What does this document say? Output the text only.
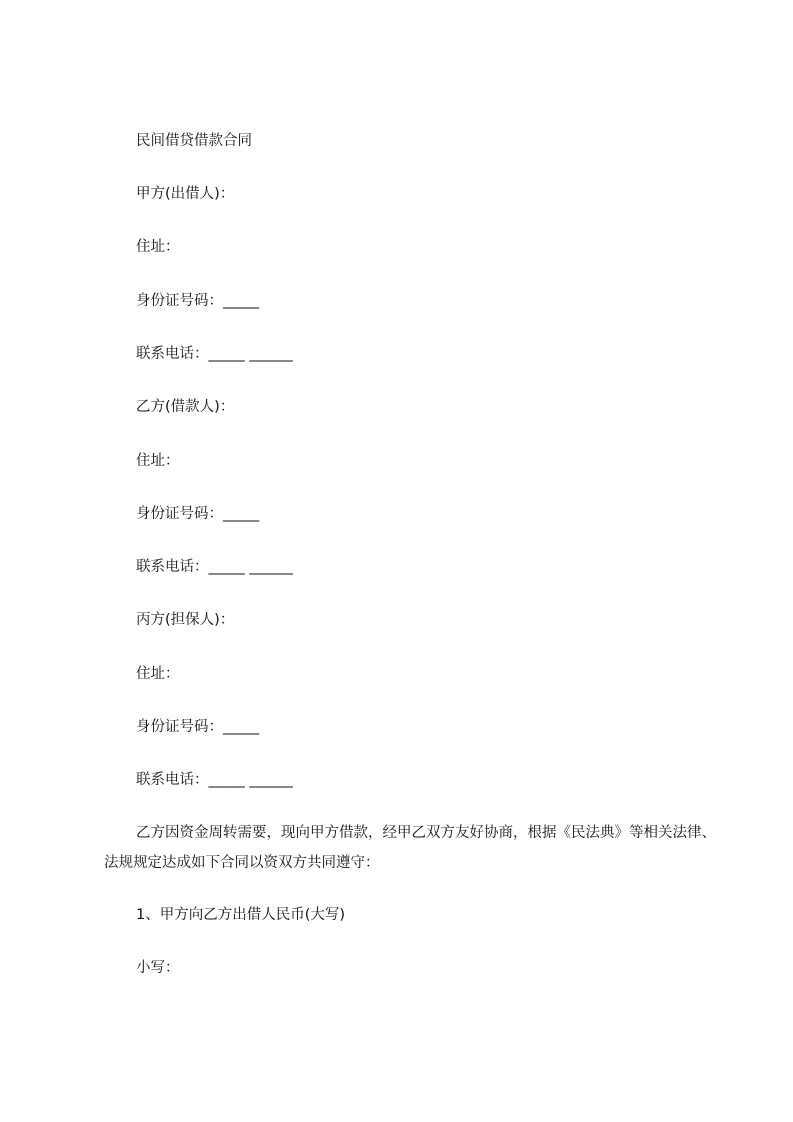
民间借贷借款合同
甲方(出借人)：
住址：
身份证号码：_____
联系电话：_____ ______
乙方(借款人)：
住址：
身份证号码：_____
联系电话：_____ ______
丙方(担保人)：
住址：
身份证号码：_____
联系电话：_____ ______
乙方因资金周转需要，现向甲方借款，经甲乙双方友好协商，根据《民法典》等相关法律、法规规定达成如下合同以资双方共同遵守：
1、甲方向乙方出借人民币(大写)
小写：
